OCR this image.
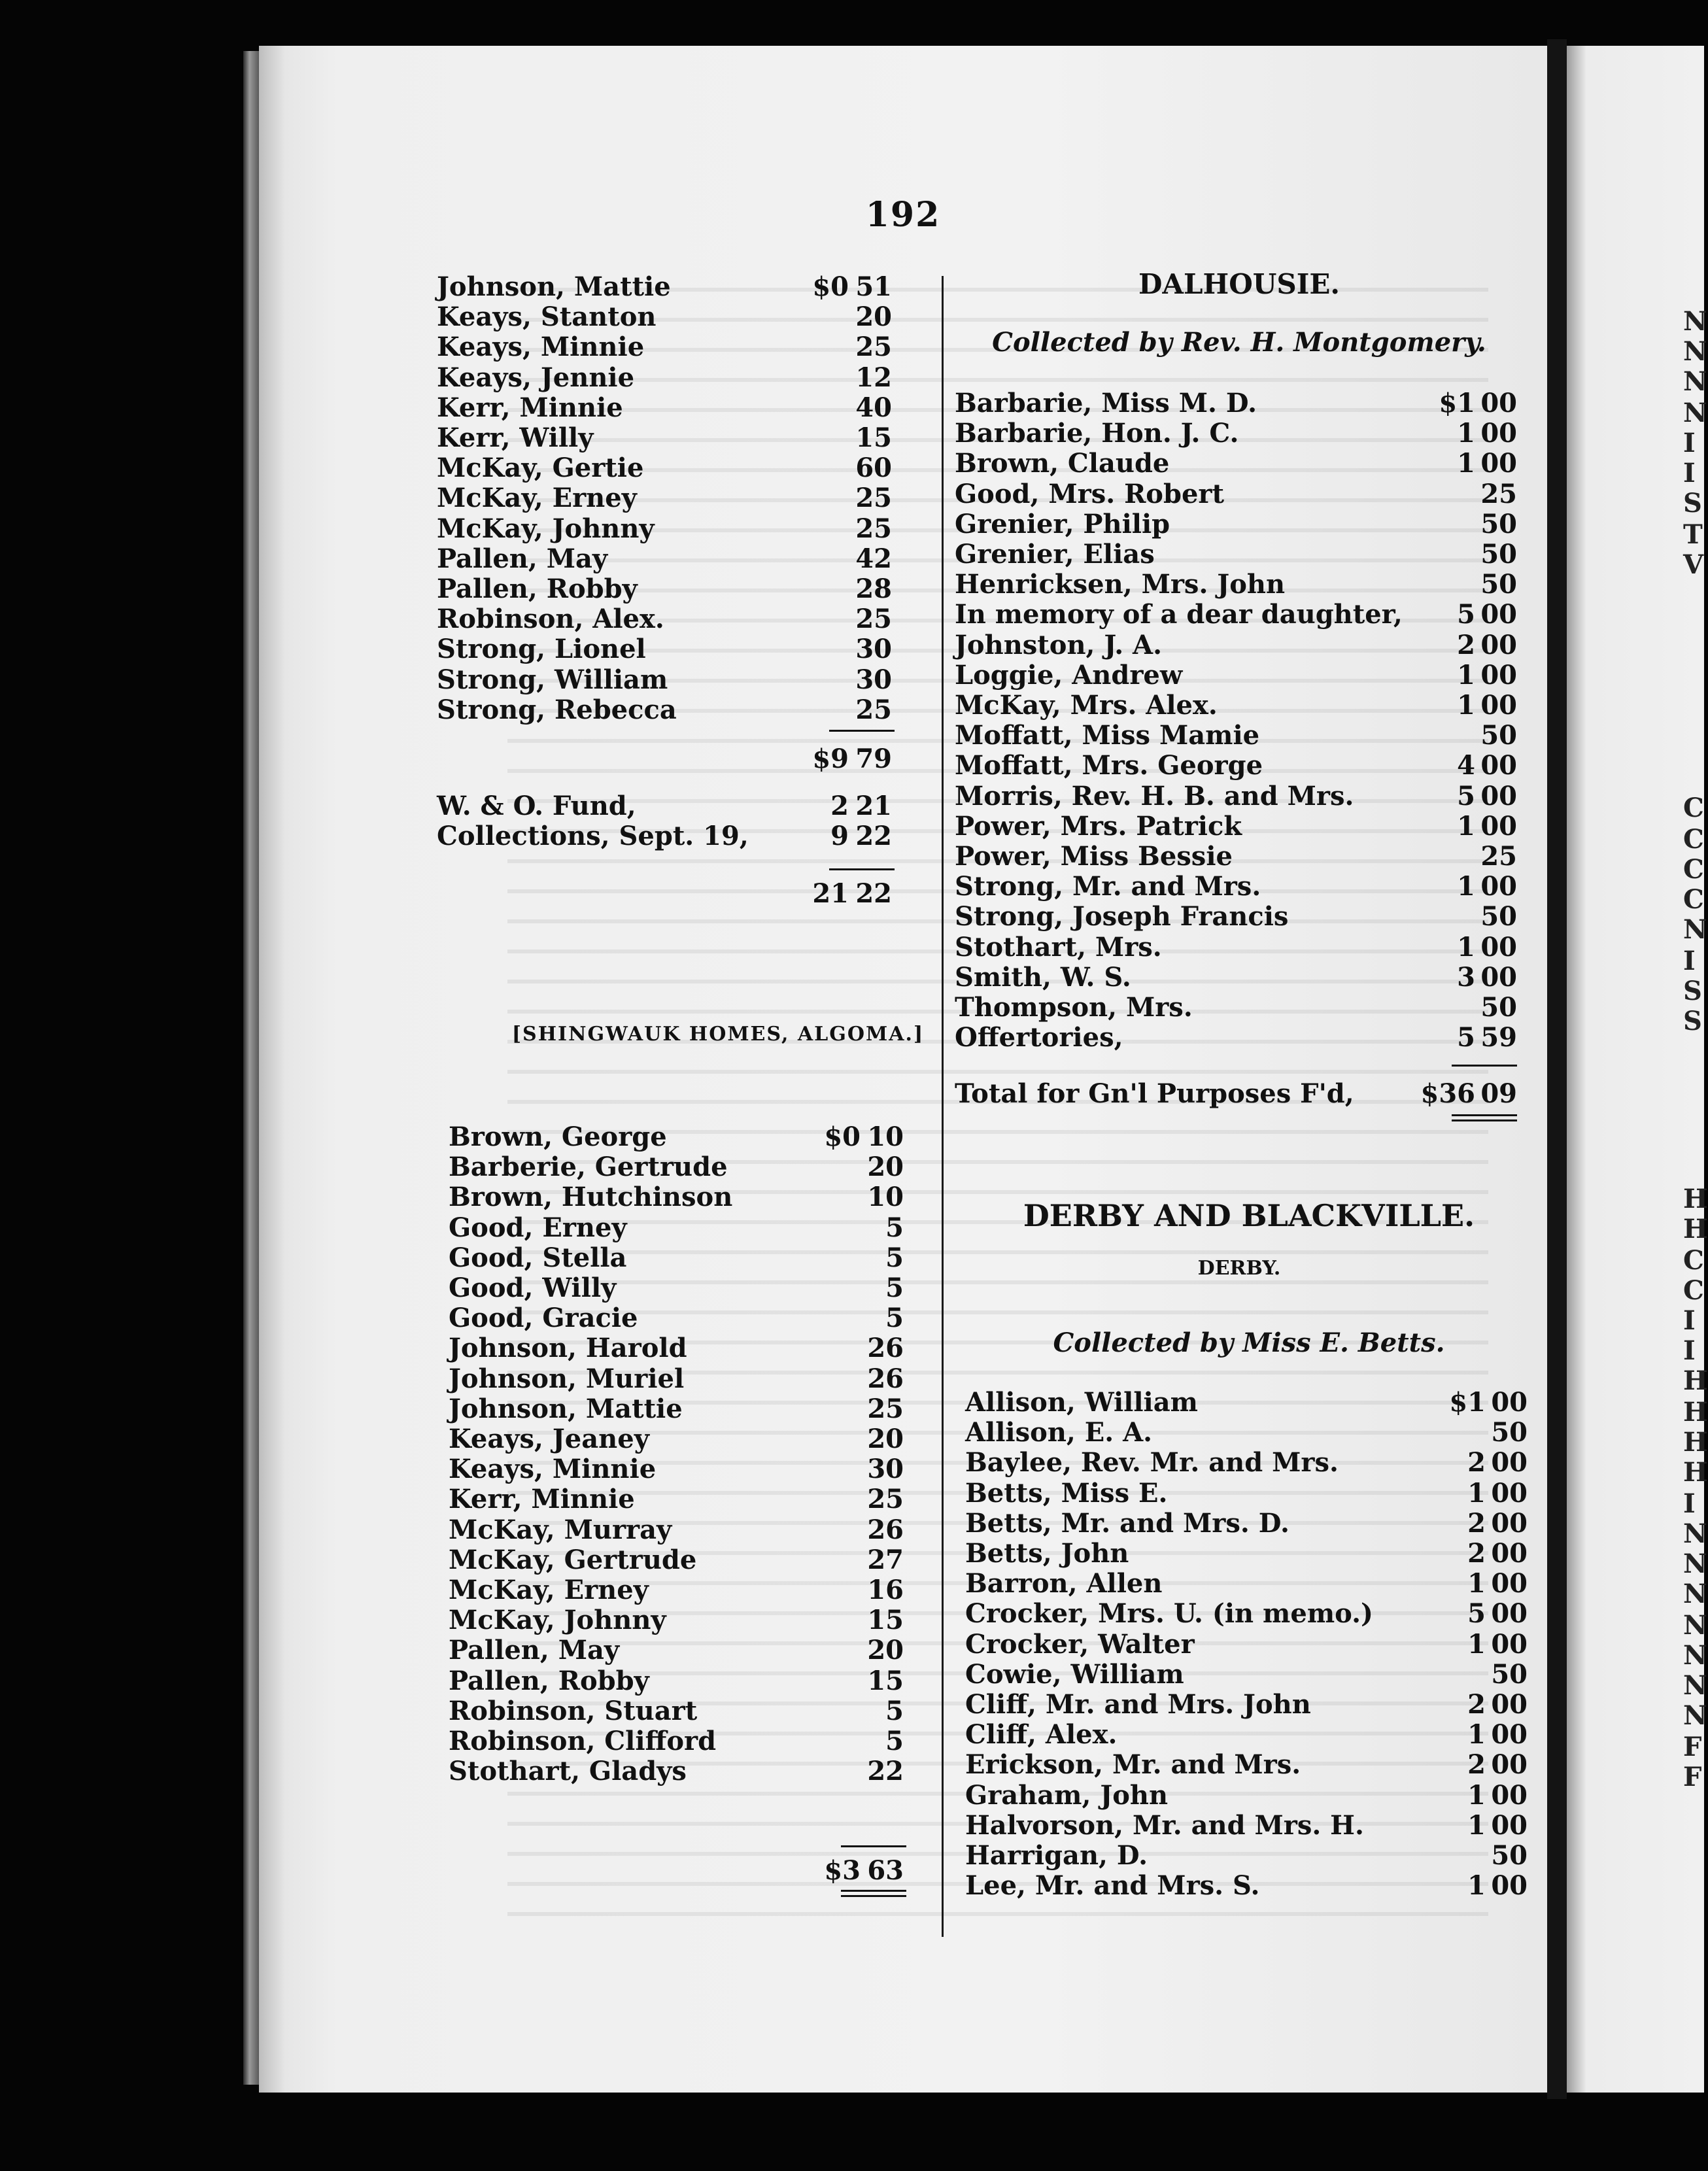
192
Johnson, Mattie	$0 51
Keays, Stanton	20
Keays, Minnie	25
Keays, Jennie	12
Kerr, Minnie	40
Kerr, Willy	15
McKay, Gertie	60
McKay, Erney	25
McKay, Johnny	25
Pallen, May	42
Pallen, Robby	28
Robinson, Alex.	25
Strong, Lionel	30
Strong, William	30
Strong, Rebecca	25
$9 79
W. & O. Fund,	2 21
Collections, Sept. 19,	9 22
21 22
[SHINGWAUK HOMES, ALGOMA.]
Brown, George	$0 10
Barberie, Gertrude	20
Brown, Hutchinson	10
Good, Erney	5
Good, Stella	5
Good, Willy	5
Good, Gracie	5
Johnson, Harold	26
Johnson, Muriel	26
Johnson, Mattie	25
Keays, Jeaney	20
Keays, Minnie	30
Kerr, Minnie	25
McKay, Murray	26
McKay, Gertrude	27
McKay, Erney	16
McKay, Johnny	15
Pallen, May	20
Pallen, Robby	15
Robinson, Stuart	5
Robinson, Clifford	5
Stothart, Gladys	22
$3 63
DALHOUSIE.
Collected by Rev. H. Montgomery.
Barbarie, Miss M. D.	$1 00
Barbarie, Hon. J. C.	1 00
Brown, Claude	1 00
Good, Mrs. Robert	25
Grenier, Philip	50
Grenier, Elias	50
Henricksen, Mrs. John	50
In memory of a dear daughter,	5 00
Johnston, J. A.	2 00
Loggie, Andrew	1 00
McKay, Mrs. Alex.	1 00
Moffatt, Miss Mamie	50
Moffatt, Mrs. George	4 00
Morris, Rev. H. B. and Mrs.	5 00
Power, Mrs. Patrick	1 00
Power, Miss Bessie	25
Strong, Mr. and Mrs.	1 00
Strong, Joseph Francis	50
Stothart, Mrs.	1 00
Smith, W. S.	3 00
Thompson, Mrs.	50
Offertories,	5 59
Total for Gn'l Purposes F'd,	$36 09
DERBY AND BLACKVILLE.
DERBY.
Collected by Miss E. Betts.
Allison, William	$1 00
Allison, E. A.	50
Baylee, Rev. Mr. and Mrs.	2 00
Betts, Miss E.	1 00
Betts, Mr. and Mrs. D.	2 00
Betts, John	2 00
Barron, Allen	1 00
Crocker, Mrs. U. (in memo.)	5 00
Crocker, Walter	1 00
Cowie, William	50
Cliff, Mr. and Mrs. John	2 00
Cliff, Alex.	1 00
Erickson, Mr. and Mrs.	2 00
Graham, John	1 00
Halvorson, Mr. and Mrs. H.	1 00
Harrigan, D.	50
Lee, Mr. and Mrs. S.	1 00
N
N
N
N
I
I
S
T
V
C
C
C
C
N
I
S
S
H
H
C
C
I
I
H
H
H
H
I
N
N
N
N
N
N
N
F
F
